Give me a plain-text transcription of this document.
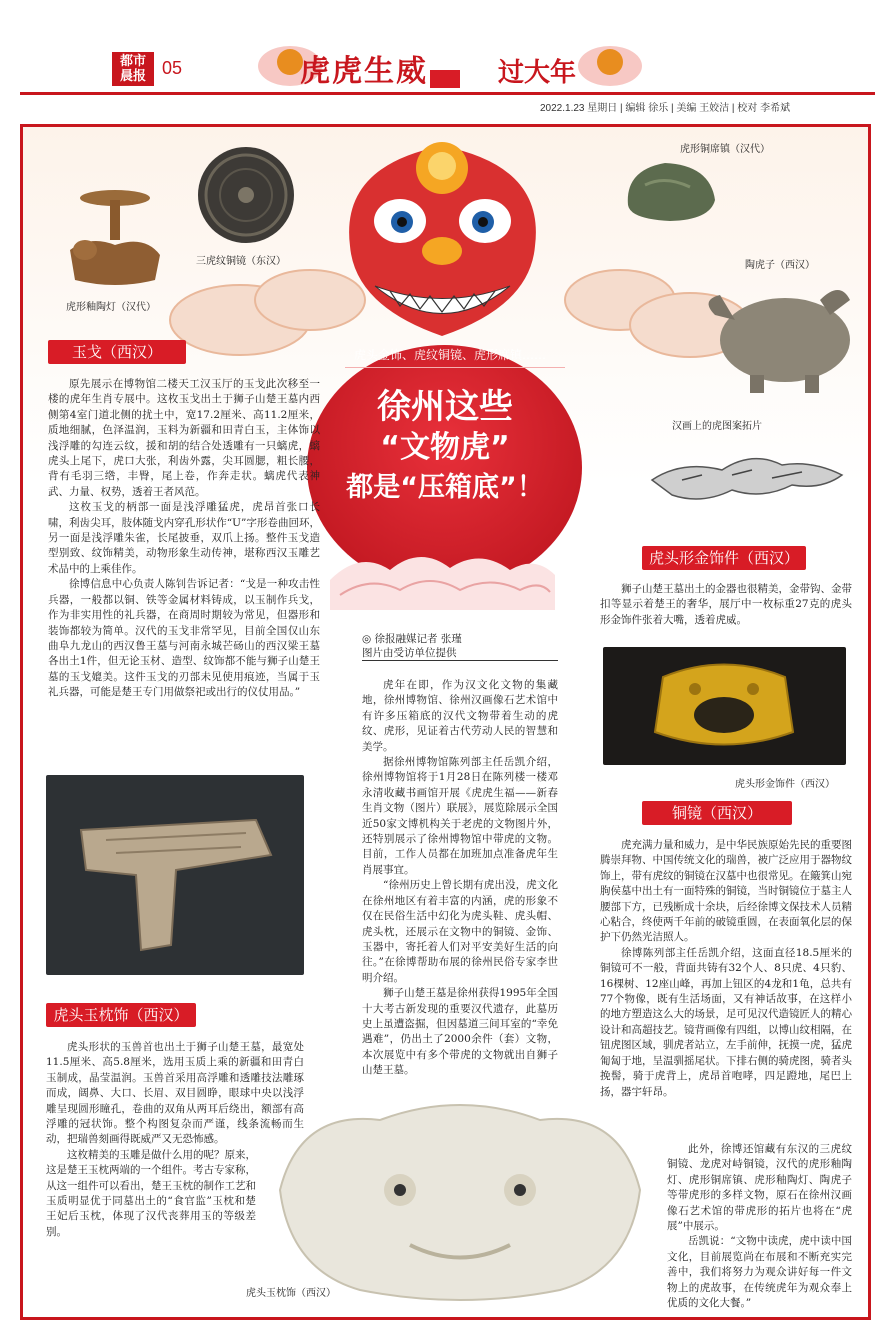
都市
晨报 05	虎虎生威	过大年
2022.1.23 星期日 | 编辑 徐乐 | 美编 王姣洁 | 校对 李希斌
虎形釉陶灯（汉代）
三虎纹铜镜（东汉）
虎形铜席镇（汉代）
陶虎子（西汉）
汉画上的虎图案拓片
虎头金饰、虎纹铜镜、虎形席镇……
徐州这些
“文物虎”
都是“压箱底”！
◎ 徐报融媒记者 张瑾
图片由受访单位提供

虎年在即，作为汉文化文物的集藏地，徐州博物馆、徐州汉画像石艺术馆中有许多压箱底的汉代文物带着生动的虎纹、虎形，见证着古代劳动人民的智慧和美学。

据徐州博物馆陈列部主任岳凯介绍，徐州博物馆将于1月28日在陈列楼一楼邓永清收藏书画馆开展《虎虎生福——新春生肖文物（图片）联展》，展览除展示全国近50家文博机构关于老虎的文物图片外，还特别展示了徐州博物馆中带虎的文物。目前，工作人员都在加班加点准备虎年生肖展事宜。

“徐州历史上曾长期有虎出没，虎文化在徐州地区有着丰富的内涵，虎的形象不仅在民俗生活中幻化为虎头鞋、虎头帽、虎头枕，还展示在文物中的铜镜、金饰、玉器中，寄托着人们对平安美好生活的向往。”在徐博帮助布展的徐州民俗专家李世明介绍。

狮子山楚王墓是徐州获得1995年全国十大考古新发现的重要汉代遗存，此墓历史上虽遭盗掘，但因墓道三间耳室的“幸免遇难”，仍出土了2000余件（套）文物，本次展览中有多个带虎的文物就出自狮子山楚王墓。

玉戈（西汉）

原先展示在博物馆二楼天工汉玉厅的玉戈此次移至一楼的虎年生肖专展中。这枚玉戈出土于狮子山楚王墓内西侧第4室门道北侧的扰土中，宽17.2厘米、高11.2厘米，质地细腻，色泽温润，玉料为新疆和田青白玉，主体饰以浅浮雕的勾连云纹，援和胡的结合处透雕有一只螭虎，螭虎头上尾下，虎口大张，利齿外露，尖耳圆腮，粗长腰，背有毛羽三绺，丰臀，尾上卷，作奔走状。螭虎代表神武、力量、权势，透着王者风范。

这枚玉戈的柄部一面是浅浮雕猛虎，虎昂首张口长啸，利齿尖耳，肢体随戈内穿孔形状作“U”字形卷曲回环，另一面是浅浮雕朱雀，长尾披垂，双爪上扬。整件玉戈造型别致、纹饰精美，动物形象生动传神，堪称西汉玉雕艺术品中的上乘佳作。

徐博信息中心负责人陈钊告诉记者：“戈是一种攻击性兵器，一般都以铜、铁等金属材料铸成，以玉制作兵戈，作为非实用性的礼兵器，在商周时期较为常见，但器形和装饰都较为简单。汉代的玉戈非常罕见，目前全国仅山东曲阜九龙山的西汉鲁王墓与河南永城芒砀山的西汉梁王墓各出土1件，但无论玉材、造型、纹饰都不能与狮子山楚王墓的玉戈媲美。这件玉戈的刃部未见使用痕迹，当属于玉礼兵器，可能是楚王专门用做祭祀或出行的仪仗用品。”

虎头玉枕饰（西汉）

虎头形状的玉兽首也出土于狮子山楚王墓，最宽处11.5厘米、高5.8厘米，选用玉质上乘的新疆和田青白玉制成，晶莹温润。玉兽首采用高浮雕和透雕技法雕琢而成，阔鼻、大口、长眉、双目圆睁，眼球中央以浅浮雕呈现圆形瞳孔，卷曲的双角从两耳后绕出，额部有高浮雕的冠状饰。整个构图复杂而严谨，线条流畅而生动，把瑞兽刻画得既威严又无恐怖感。

这枚精美的玉雕是做什么用的呢？原来，这是楚王玉枕两端的一个组件。考古专家称，从这一组件可以看出，楚王玉枕的制作工艺和玉质明显优于同墓出土的“食官监”玉枕和楚王妃后玉枕，体现了汉代丧葬用玉的等级差别。

虎头玉枕饰（西汉）
虎头形金饰件（西汉）

狮子山楚王墓出土的金器也很精美，金带钩、金带扣等显示着楚王的奢华，展厅中一枚标重27克的虎头形金饰件张着大嘴，透着虎威。

虎头形金饰件（西汉）
铜镜（西汉）

虎充满力量和威力，是中华民族原始先民的重要图腾崇拜物、中国传统文化的瑞兽，被广泛应用于器物纹饰上，带有虎纹的铜镜在汉墓中也很常见。在簸箕山宛朐侯墓中出土有一面特殊的铜镜，当时铜镜位于墓主人腰部下方，已残断成十余块，后经徐博文保技术人员精心粘合，终使两千年前的破镜重圆，在表面氧化层的保护下仍然光洁照人。

徐博陈列部主任岳凯介绍，这面直径18.5厘米的铜镜可不一般，背面共铸有32个人、8只虎、4只豹、16棵树、12座山峰，再加上钮区的4龙和1龟，总共有77个物像，既有生活场面，又有神话故事，在这样小的地方塑造这么大的场景，足可见汉代造镜匠人的精心设计和高超技艺。镜背画像有四组，以博山纹相隔，在钮虎图区域，驯虎者站立，左手前伸，抚摸一虎，猛虎匍匐于地，呈温驯摇尾状。下排右侧的骑虎图，骑者头挽髻，骑于虎背上，虎昂首咆哮，四足蹬地，尾巴上扬，器宇轩昂。

此外，徐博还馆藏有东汉的三虎纹铜镜、龙虎对峙铜镜，汉代的虎形釉陶灯、虎形铜席镇、虎形釉陶灯、陶虎子等带虎形的多样文物，原石在徐州汉画像石艺术馆的带虎形的拓片也将在“虎展”中展示。

岳凯说：“文物中读虎，虎中读中国文化，目前展览尚在布展和不断充实完善中，我们将努力为观众讲好每一件文物上的虎故事，在传统虎年为观众奉上优质的文化大餐。”
